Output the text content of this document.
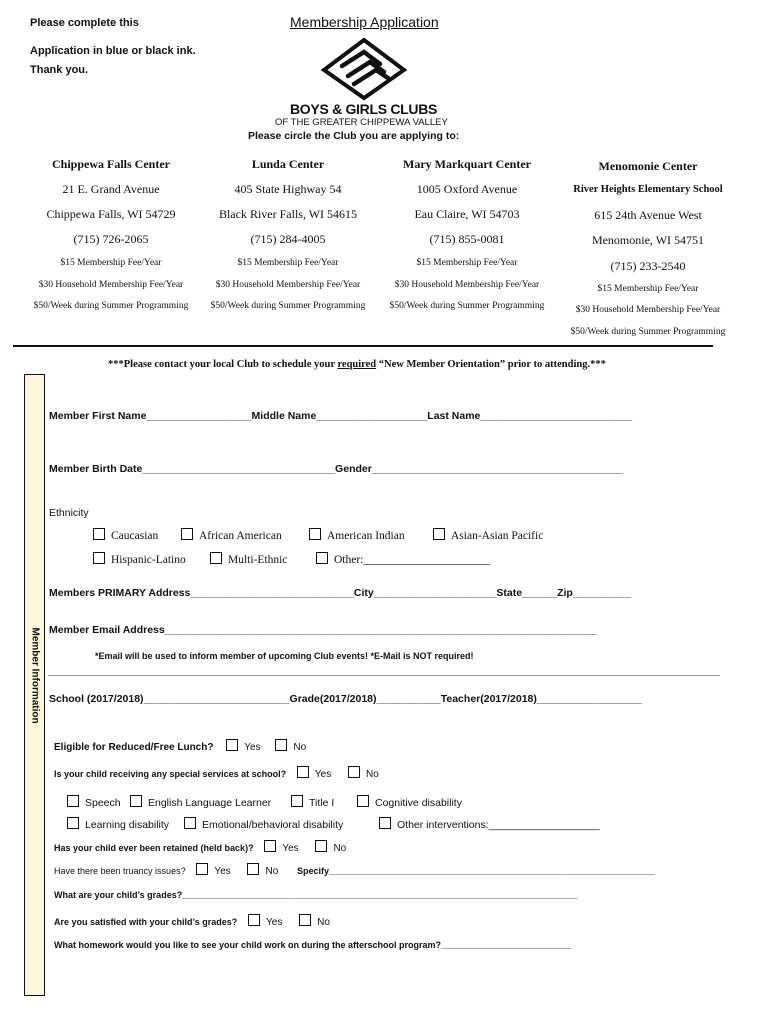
Please complete this
Application in blue or black ink.
Thank you.
Membership Application
BOYS & GIRLS CLUBS
OF THE GREATER CHIPPEWA VALLEY
Please circle the Club you are applying to:
Chippewa Falls Center
21 E. Grand Avenue
Chippewa Falls, WI 54729
(715) 726-2065
$15 Membership Fee/Year
$30 Household Membership Fee/Year
$50/Week during Summer Programming
Lunda Center
405 State Highway 54
Black River Falls, WI 54615
(715) 284-4005
$15 Membership Fee/Year
$30 Household Membership Fee/Year
$50/Week during Summer Programming
Mary Markquart Center
1005 Oxford Avenue
Eau Claire, WI 54703
(715) 855-0081
$15 Membership Fee/Year
$30 Household Membership Fee/Year
$50/Week during Summer Programming
Menomonie Center
River Heights Elementary School
615 24th Avenue West
Menomonie, WI 54751
(715) 233-2540
$15 Membership Fee/Year
$30 Household Membership Fee/Year
$50/Week during Summer Programming
***Please contact your local Club to schedule your required “New Member Orientation” prior to attending.***
Member Information
Member First Name__________________Middle Name___________________Last Name__________________________
Member Birth Date_________________________________Gender___________________________________________
Ethnicity
Caucasian	African American	American Indian	Asian-Asian Pacific
Hispanic-Latino	Multi-Ethnic	Other:______________________
Members PRIMARY Address____________________________City_____________________State______Zip__________
Member Email Address__________________________________________________________________________
*Email will be used to inform member of upcoming Club events! *E-Mail is NOT required!
School (2017/2018)_________________________Grade(2017/2018)___________Teacher(2017/2018)__________________
Eligible for Reduced/Free Lunch?	Yes	No
Is your child receiving any special services at school?	Yes	No
Speech	English Language Learner	Title I	Cognitive disability
Learning disability	Emotional/behavioral disability	Other interventions:___________________
Has your child ever been retained (held back)?	Yes	No
Have there been truancy issues?	Yes	No Specify_________________________________________________________________
What are your child’s grades?_______________________________________________________________________________
Are you satisfied with your child’s grades?	Yes	No
What homework would you like to see your child work on during the afterschool program?__________________________
